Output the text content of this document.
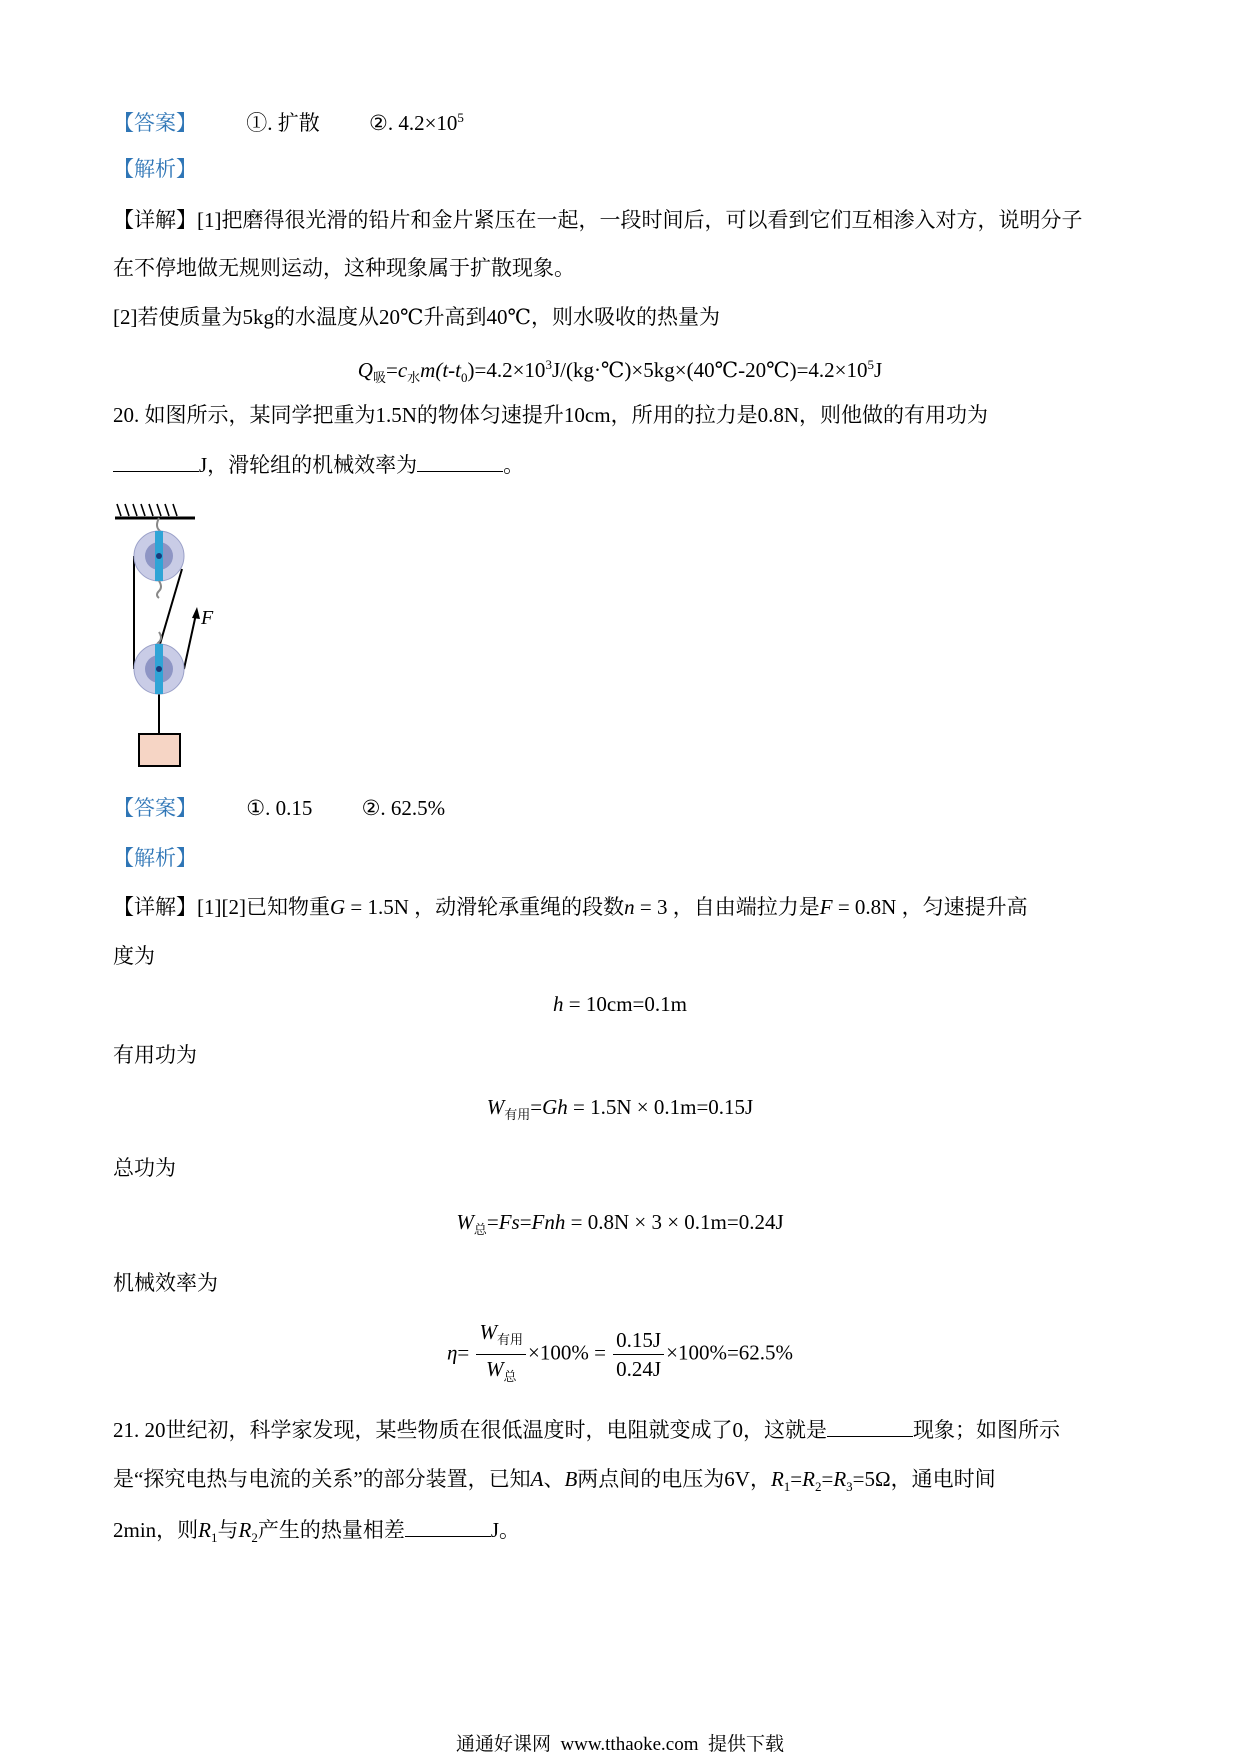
【答案】 ①. 扩散 ②. $4.2\times 10^5$
【解析】
【详解】[1]把磨得很光滑的铅片和金片紧压在一起，一段时间后，可以看到它们互相渗入对方，说明分子
在不停地做无规则运动，这种现象属于扩散现象。
[2]若使质量为5kg的水温度从20℃升高到40℃，则水吸收的热量为
$Q_吸=c_水m(t-t_0)=4.2\times 10^3J/(kg\cdot℃)\times 5kg\times(40℃-20℃)=4.2\times 10^5J$
20. 如图所示，某同学把重为1.5N的物体匀速提升10cm，所用的拉力是0.8N，则他做的有用功为
J，滑轮组的机械效率为	。
F
【答案】 ①. 0.15 ②. 62.5%
【解析】
【详解】[1][2]已知物重G = 1.5N ，动滑轮承重绳的段数n = 3 ，自由端拉力是F = 0.8N ，匀速提升高
度为
h = 10cm=0.1m
有用功为
$W_{有用}=Gh = 1.5N \times 0.1m=0.15J$
总功为
$W_总=Fs=Fnh = 0.8N \times 3 \times 0.1m=0.24J$
机械效率为
$\eta= \frac{W_{有用}}{W_总} \times 100\% = \frac{0.15J}{0.24J} \times 100\%=62.5\%$
21. 20世纪初，科学家发现，某些物质在很低温度时，电阻就变成了0，这就是	现象；如图所示
是“探究电热与电流的关系”的部分装置，已知A、B两点间的电压为6V，$R_1=R_2=R_3=5\Omega$，通电时间
2min，则$R_1$与$R_2$产生的热量相差	J。
通通好课网  www.tthaoke.com  提供下载
